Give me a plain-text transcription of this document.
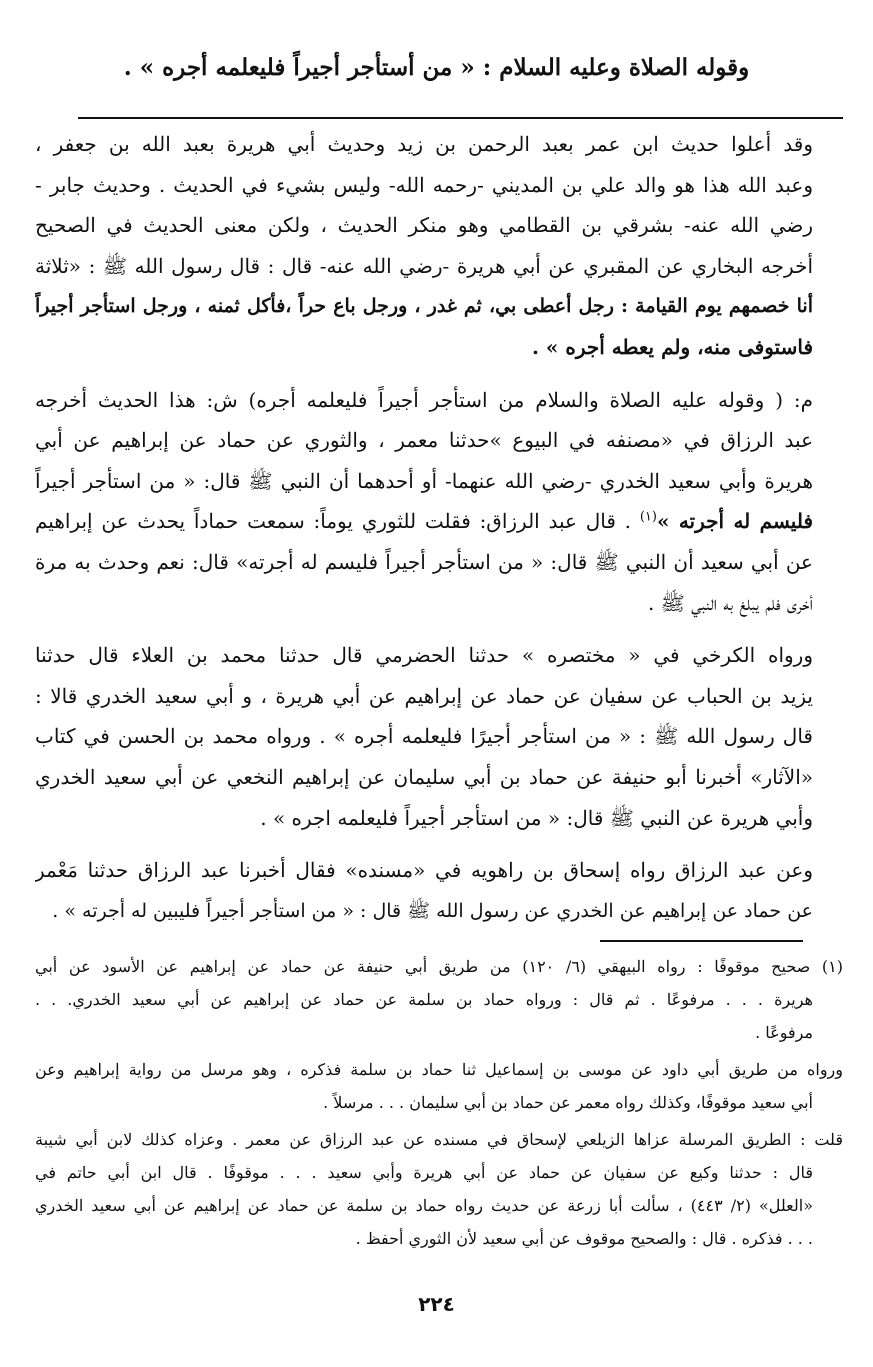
وقوله الصلاة وعليه السلام : « من أستأجر أجيراً فليعلمه أجره » .
وقد أعلوا حديث ابن عمر بعبد الرحمن بن زيد وحديث أبي هريرة بعبد الله بن جعفر ،
وعبد الله هذا هو والد علي بن المديني -رحمه الله- وليس بشيء في الحديث . وحديث جابر -
رضي الله عنه- بشرقي بن القطامي وهو منكر الحديث ، ولكن معنى الحديث في الصحيح
أخرجه البخاري عن المقبري عن أبي هريرة -رضي الله عنه- قال : قال رسول الله ﷺ : «ثلاثة
أنا خصمهم يوم القيامة : رجل أعطى بي، ثم غدر ، ورجل باع حراً ،فأكل ثمنه ، ورجل استأجر أجيراً
فاستوفى منه، ولم يعطه أجره » .
م: ( وقوله عليه الصلاة والسلام من استأجر أجيراً فليعلمه أجره) ش: هذا الحديث أخرجه
عبد الرزاق في «مصنفه في البيوع »حدثنا معمر ، والثوري عن حماد عن إبراهيم عن أبي
هريرة وأبي سعيد الخدري -رضي الله عنهما- أو أحدهما أن النبي ﷺ قال: « من استأجر أجيراً
فليسم له أجرته »$^{(١)}$ . قال عبد الرزاق: فقلت للثوري يوماً: سمعت حماداً يحدث عن إبراهيم
عن أبي سعيد أن النبي ﷺ قال: « من استأجر أجيراً فليسم له أجرته» قال: نعم وحدث به مرة
أخرى فلم يبلغ به النبي ﷺ .
ورواه الكرخي في « مختصره » حدثنا الحضرمي قال حدثنا محمد بن العلاء قال حدثنا
يزيد بن الحباب عن سفيان عن حماد عن إبراهيم عن أبي هريرة ، و أبي سعيد الخدري قالا :
قال رسول الله ﷺ : « من استأجر أجيرًا فليعلمه أجره » . ورواه محمد بن الحسن في كتاب
«الآثار» أخبرنا أبو حنيفة عن حماد بن أبي سليمان عن إبراهيم النخعي عن أبي سعيد الخدري
وأبي هريرة عن النبي ﷺ قال: « من استأجر أجيراً فليعلمه اجره » .
وعن عبد الرزاق رواه إسحاق بن راهويه في «مسنده» فقال أخبرنا عبد الرزاق حدثنا مَعْمر
عن حماد عن إبراهيم عن الخدري عن رسول الله ﷺ قال : « من استأجر أجيراً فليبين له أجرته » .
(١) صحيح موقوفًا : رواه البيهقي (٦/ ١٢٠) من طريق أبي حنيفة عن حماد عن إبراهيم عن الأسود عن أبي
هريرة . . . مرفوعًا . ثم قال : ورواه حماد بن سلمة عن حماد عن إبراهيم عن أبي سعيد الخدري. . .
مرفوعًا .
ورواه من طريق أبي داود عن موسى بن إسماعيل ثنا حماد بن سلمة فذكره ، وهو مرسل من رواية إبراهيم وعن
أبي سعيد موقوفًا، وكذلك رواه معمر عن حماد بن أبي سليمان . . . مرسلاً .
قلت : الطريق المرسلة عزاها الزيلعي لإسحاق في مسنده عن عبد الرزاق عن معمر . وعزاه كذلك لابن أبي شيبة
قال : حدثنا وكيع عن سفيان عن حماد عن أبي هريرة وأبي سعيد . . . موقوفًا . قال ابن أبي حاتم في
«العلل» (٢/ ٤٤٣) ، سألت أبا زرعة عن حديث رواه حماد بن سلمة عن حماد عن إبراهيم عن أبي سعيد الخدري
. . . فذكره . قال : والصحيح موقوف عن أبي سعيد لأن الثوري أحفظ .
٢٢٤
